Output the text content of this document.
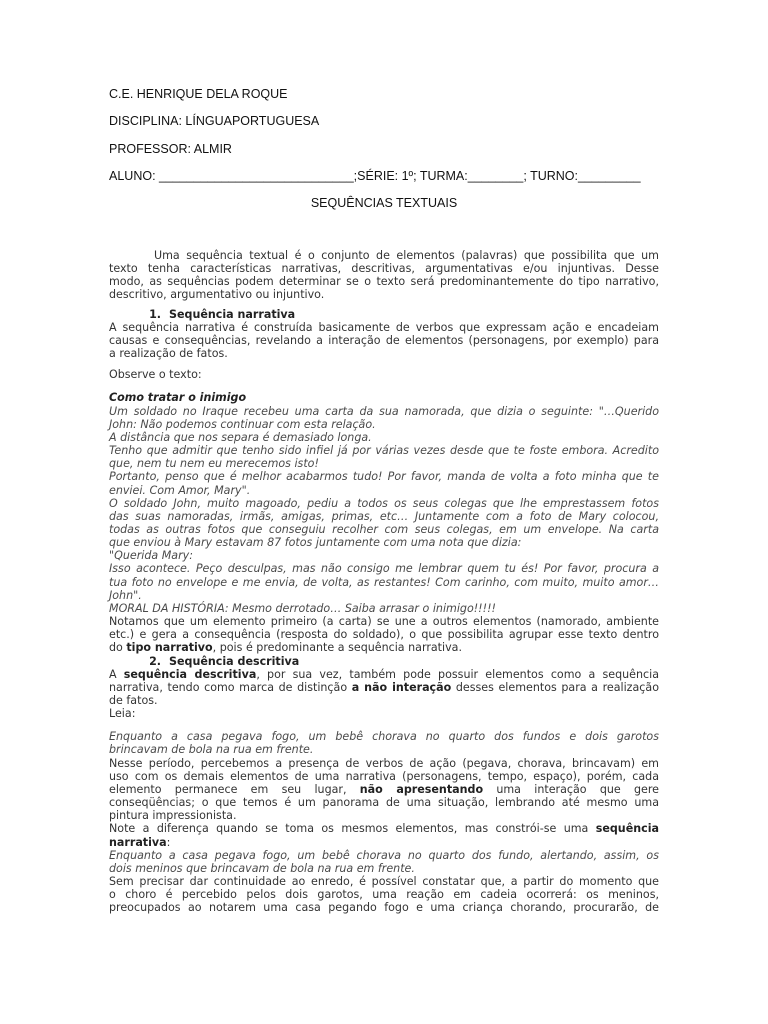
C.E. HENRIQUE DELA ROQUE
DISCIPLINA: LÍNGUAPORTUGUESA
PROFESSOR: ALMIR
ALUNO: ____________________________;SÉRIE: 1º; TURMA:________; TURNO:_________
SEQUÊNCIAS TEXTUAIS

Uma sequência textual é o conjunto de elementos (palavras) que possibilita que um

texto tenha características narrativas, descritivas, argumentativas e/ou injuntivas. Desse

modo, as sequências podem determinar se o texto será predominantemente do tipo narrativo,

descritivo, argumentativo ou injuntivo.

1. Sequência narrativa

A sequência narrativa é construída basicamente de verbos que expressam ação e encadeiam

causas e consequências, revelando a interação de elementos (personagens, por exemplo) para

a realização de fatos.

Observe o texto:

Como tratar o inimigo

Um soldado no Iraque recebeu uma carta da sua namorada, que dizia o seguinte: "…Querido

John: Não podemos continuar com esta relação.

A distância que nos separa é demasiado longa.

Tenho que admitir que tenho sido infiel já por várias vezes desde que te foste embora. Acredito

que, nem tu nem eu merecemos isto!

Portanto, penso que é melhor acabarmos tudo! Por favor, manda de volta a foto minha que te

enviei. Com Amor, Mary".

O soldado John, muito magoado, pediu a todos os seus colegas que lhe emprestassem fotos

das suas namoradas, irmãs, amigas, primas, etc… Juntamente com a foto de Mary colocou,

todas as outras fotos que conseguiu recolher com seus colegas, em um envelope. Na carta

que enviou à Mary estavam 87 fotos juntamente com uma nota que dizia:

"Querida Mary:

Isso acontece. Peço desculpas, mas não consigo me lembrar quem tu és! Por favor, procura a

tua foto no envelope e me envia, de volta, as restantes! Com carinho, com muito, muito amor…

John".

MORAL DA HISTÓRIA: Mesmo derrotado… Saiba arrasar o inimigo!!!!!

Notamos que um elemento primeiro (a carta) se une a outros elementos (namorado, ambiente

etc.) e gera a consequência (resposta do soldado), o que possibilita agrupar esse texto dentro

do tipo narrativo, pois é predominante a sequência narrativa.

2. Sequência descritiva

A sequência descritiva, por sua vez, também pode possuir elementos como a sequência

narrativa, tendo como marca de distinção a não interação desses elementos para a realização

de fatos.

Leia:

Enquanto a casa pegava fogo, um bebê chorava no quarto dos fundos e dois garotos

brincavam de bola na rua em frente.

Nesse período, percebemos a presença de verbos de ação (pegava, chorava, brincavam) em

uso com os demais elementos de uma narrativa (personagens, tempo, espaço), porém, cada

elemento permanece em seu lugar, não apresentando uma interação que gere

conseqüências; o que temos é um panorama de uma situação, lembrando até mesmo uma

pintura impressionista.

Note a diferença quando se toma os mesmos elementos, mas constrói-se uma sequência

narrativa:

Enquanto a casa pegava fogo, um bebê chorava no quarto dos fundo, alertando, assim, os

dois meninos que brincavam de bola na rua em frente.

Sem precisar dar continuidade ao enredo, é possível constatar que, a partir do momento que

o choro é percebido pelos dois garotos, uma reação em cadeia ocorrerá: os meninos,

preocupados ao notarem uma casa pegando fogo e uma criança chorando, procurarão, de
